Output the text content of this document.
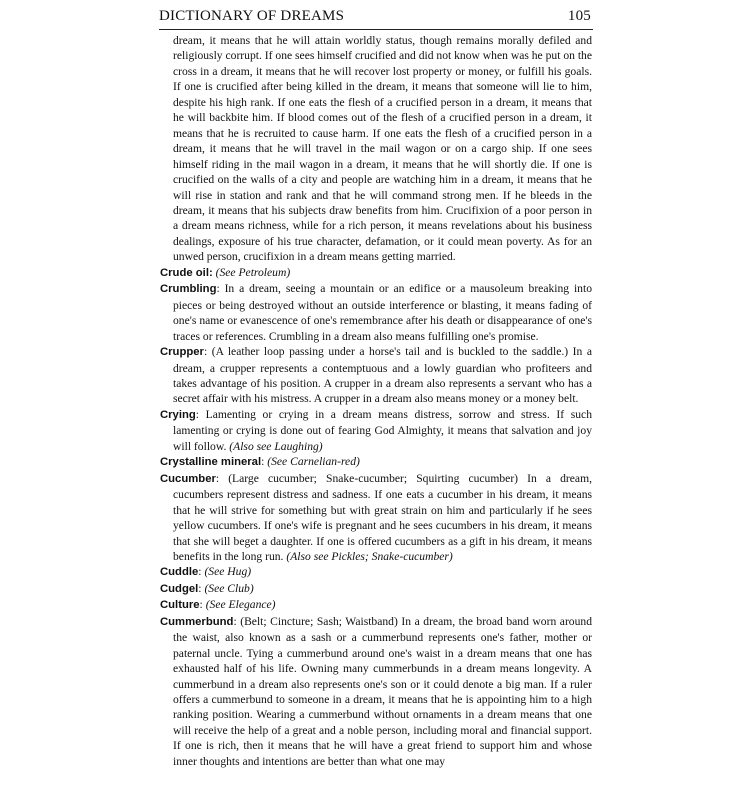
DICTIONARY OF DREAMS	105

dream, it means that he will attain worldly status, though remains morally defiled and religiously corrupt. If one sees himself crucified and did not know when was he put on the cross in a dream, it means that he will recover lost property or money, or fulfill his goals. If one is crucified after being killed in the dream, it means that someone will lie to him, despite his high rank. If one eats the flesh of a crucified person in a dream, it means that he will backbite him. If blood comes out of the flesh of a crucified person in a dream, it means that he is recruited to cause harm. If one eats the flesh of a crucified person in a dream, it means that he will travel in the mail wagon or on a cargo ship. If one sees himself riding in the mail wagon in a dream, it means that he will shortly die. If one is crucified on the walls of a city and people are watching him in a dream, it means that he will rise in station and rank and that he will command strong men. If he bleeds in the dream, it means that his subjects draw benefits from him. Crucifixion of a poor person in a dream means richness, while for a rich person, it means revelations about his business dealings, exposure of his true character, defamation, or it could mean poverty. As for an unwed person, crucifixion in a dream means getting married.

Crude oil: (See Petroleum)

Crumbling: In a dream, seeing a mountain or an edifice or a mausoleum breaking into pieces or being destroyed without an outside interference or blasting, it means fading of one's name or evanescence of one's remembrance after his death or disappearance of one's traces or references. Crumbling in a dream also means fulfilling one's promise.

Crupper: (A leather loop passing under a horse's tail and is buckled to the saddle.) In a dream, a crupper represents a contemptuous and a lowly guardian who profiteers and takes advantage of his position. A crupper in a dream also represents a servant who has a secret affair with his mistress. A crupper in a dream also means money or a money belt.

Crying: Lamenting or crying in a dream means distress, sorrow and stress. If such lamenting or crying is done out of fearing God Almighty, it means that salvation and joy will follow. (Also see Laughing)

Crystalline mineral: (See Carnelian-red)

Cucumber: (Large cucumber; Snake-cucumber; Squirting cucumber) In a dream, cucumbers represent distress and sadness. If one eats a cucumber in his dream, it means that he will strive for something but with great strain on him and particularly if he sees yellow cucumbers. If one's wife is pregnant and he sees cucumbers in his dream, it means that she will beget a daughter. If one is offered cucumbers as a gift in his dream, it means benefits in the long run. (Also see Pickles; Snake-cucumber)

Cuddle: (See Hug)

Cudgel: (See Club)

Culture: (See Elegance)

Cummerbund: (Belt; Cincture; Sash; Waistband) In a dream, the broad band worn around the waist, also known as a sash or a cummerbund represents one's father, mother or paternal uncle. Tying a cummerbund around one's waist in a dream means that one has exhausted half of his life. Owning many cummerbunds in a dream means longevity. A cummerbund in a dream also represents one's son or it could denote a big man. If a ruler offers a cummerbund to someone in a dream, it means that he is appointing him to a high ranking position. Wearing a cummerbund without ornaments in a dream means that one will receive the help of a great and a noble person, including moral and financial support. If one is rich, then it means that he will have a great friend to support him and whose inner thoughts and intentions are better than what one may
